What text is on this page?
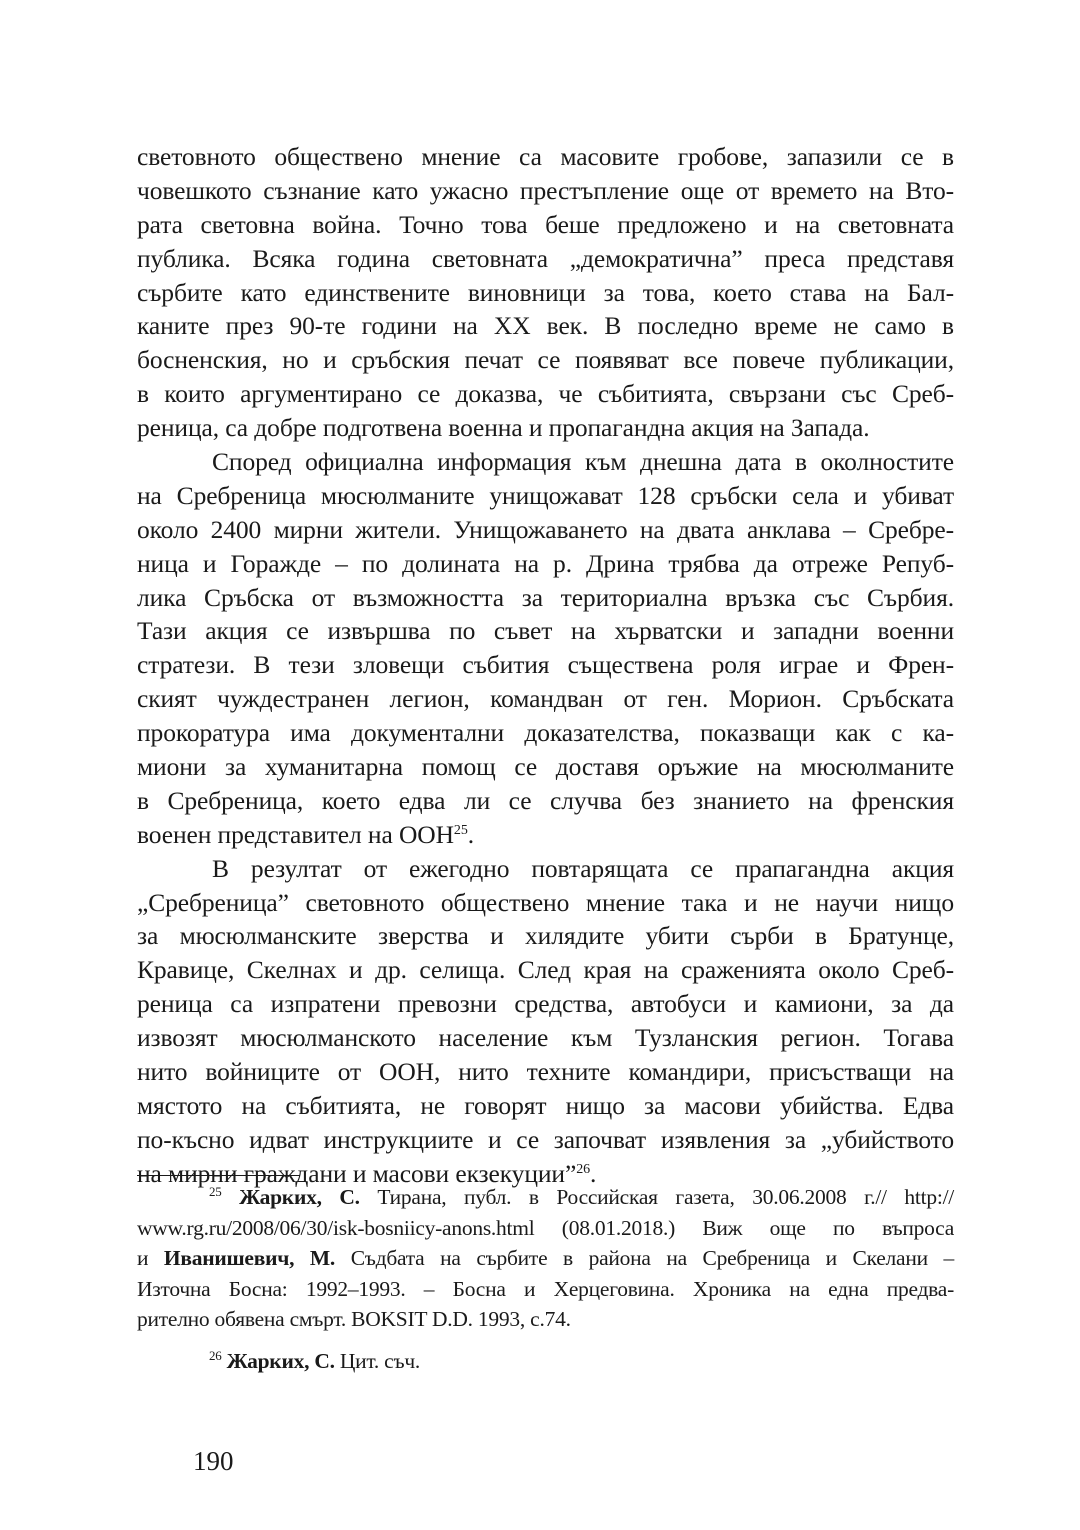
световното обществено мнение са масовите гробове, запазили се в
човешкото съзнание като ужасно престъпление още от времето на Вто-
рата световна война. Точно това беше предложено и на световната
публика. Всяка година световната „демократична” преса представя
сърбите като единствените виновници за това, което става на Бал-
каните през 90-те години на XX век. В последно време не само в
босненския, но и сръбския печат се появяват все повече публикации,
в които аргументирано се доказва, че събитията, свързани със Среб-
реница, са добре подготвена военна и пропагандна акция на Запада.
Според официална информация към днешна дата в околностите
на Сребреница мюсюлманите унищожават 128 сръбски села и убиват
около 2400 мирни жители. Унищожаването на двата анклава – Сребре-
ница и Горажде – по долината на р. Дрина трябва да отреже Репуб-
лика Сръбска от възможността за териториална връзка със Сърбия.
Тази акция се извършва по съвет на хърватски и западни военни
стратези. В тези зловещи събития съществена роля играе и Френ-
ският чуждестранен легион, командван от ген. Морион. Сръбската
прокоратура има документални доказателства, показващи как с ка-
миони за хуманитарна помощ се доставя оръжие на мюсюлманите
в Сребреница, което едва ли се случва без знанието на френския
военен представител на ООН$^{25}$.
В резултат от ежегодно повтарящата се прапагандна акция
„Сребреница” световното обществено мнение така и не научи нищо
за мюсюлманските зверства и хилядите убити сърби в Братунце,
Кравице, Скелнах и др. селища. След края на сраженията около Среб-
реница са изпратени превозни средства, автобуси и камиони, за да
извозят мюсюлманското население към Тузланския регион. Тогава
нито войниците от ООН, нито техните командири, присъстващи на
мястото на събитията, не говорят нищо за масови убийства. Едва
по-късно идват инструкциите и се започват изявления за „убийството
на мирни граждани и масови екзекуции”$^{26}$.
$^{25}$ Жарких, С. Тирана, публ. в Российская газета, 30.06.2008 г.// http://
www.rg.ru/2008/06/30/isk-bosniicy-anons.html (08.01.2018.) Виж още по въпроса
и Иванишевич, М. Съдбата на сърбите в района на Сребреница и Скелани –
Източна Босна: 1992–1993. – Босна и Херцеговина. Хроника на една предва-
рително обявена смърт. BOKSIT D.D. 1993, с.74.
$^{26}$ Жарких, С. Цит. съч.
190
